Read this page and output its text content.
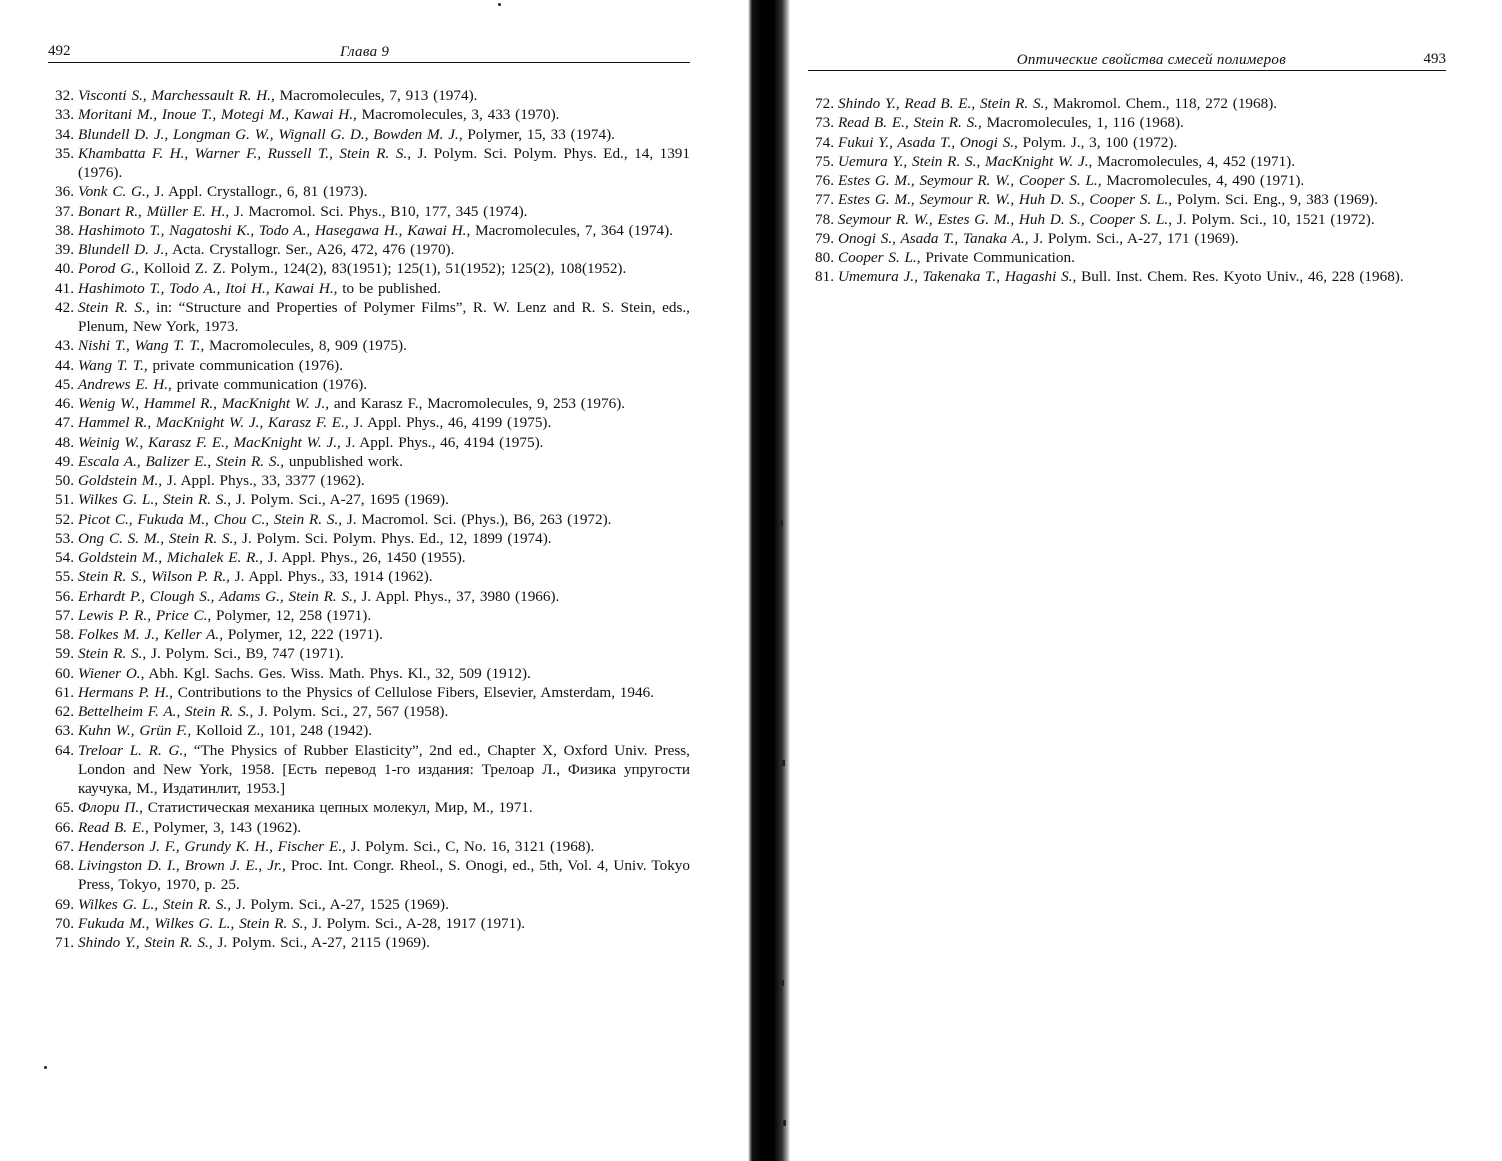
492	Глава 9
32. Visconti S., Marchessault R. H., Macromolecules, 7, 913 (1974).
33. Moritani M., Inoue T., Motegi M., Kawai H., Macromolecules, 3, 433 (1970).
34. Blundell D. J., Longman G. W., Wignall G. D., Bowden M. J., Polymer, 15, 33 (1974).
35. Khambatta F. H., Warner F., Russell T., Stein R. S., J. Polym. Sci. Polym. Phys. Ed., 14, 1391 (1976).
36. Vonk C. G., J. Appl. Crystallogr., 6, 81 (1973).
37. Bonart R., Müller E. H., J. Macromol. Sci. Phys., B10, 177, 345 (1974).
38. Hashimoto T., Nagatoshi K., Todo A., Hasegawa H., Kawai H., Macromolecules, 7, 364 (1974).
39. Blundell D. J., Acta. Crystallogr. Ser., A26, 472, 476 (1970).
40. Porod G., Kolloid Z. Z. Polym., 124(2), 83(1951); 125(1), 51(1952); 125(2), 108(1952).
41. Hashimoto T., Todo A., Itoi H., Kawai H., to be published.
42. Stein R. S., in: “Structure and Properties of Polymer Films”, R. W. Lenz and R. S. Stein, eds., Plenum, New York, 1973.
43. Nishi T., Wang T. T., Macromolecules, 8, 909 (1975).
44. Wang T. T., private communication (1976).
45. Andrews E. H., private communication (1976).
46. Wenig W., Hammel R., MacKnight W. J., and Karasz F., Macromolecules, 9, 253 (1976).
47. Hammel R., MacKnight W. J., Karasz F. E., J. Appl. Phys., 46, 4199 (1975).
48. Weinig W., Karasz F. E., MacKnight W. J., J. Appl. Phys., 46, 4194 (1975).
49. Escala A., Balizer E., Stein R. S., unpublished work.
50. Goldstein M., J. Appl. Phys., 33, 3377 (1962).
51. Wilkes G. L., Stein R. S., J. Polym. Sci., A-27, 1695 (1969).
52. Picot C., Fukuda M., Chou C., Stein R. S., J. Macromol. Sci. (Phys.), B6, 263 (1972).
53. Ong C. S. M., Stein R. S., J. Polym. Sci. Polym. Phys. Ed., 12, 1899 (1974).
54. Goldstein M., Michalek E. R., J. Appl. Phys., 26, 1450 (1955).
55. Stein R. S., Wilson P. R., J. Appl. Phys., 33, 1914 (1962).
56. Erhardt P., Clough S., Adams G., Stein R. S., J. Appl. Phys., 37, 3980 (1966).
57. Lewis P. R., Price C., Polymer, 12, 258 (1971).
58. Folkes M. J., Keller A., Polymer, 12, 222 (1971).
59. Stein R. S., J. Polym. Sci., B9, 747 (1971).
60. Wiener O., Abh. Kgl. Sachs. Ges. Wiss. Math. Phys. Kl., 32, 509 (1912).
61. Hermans P. H., Contributions to the Physics of Cellulose Fibers, Elsevier, Amsterdam, 1946.
62. Bettelheim F. A., Stein R. S., J. Polym. Sci., 27, 567 (1958).
63. Kuhn W., Grün F., Kolloid Z., 101, 248 (1942).
64. Treloar L. R. G., “The Physics of Rubber Elasticity”, 2nd ed., Chapter X, Oxford Univ. Press, London and New York, 1958. [Есть перевод 1-го издания: Трелоар Л., Физика упругости каучука, М., Издатинлит, 1953.]
65. Флори П., Статистическая механика цепных молекул, Мир, М., 1971.
66. Read B. E., Polymer, 3, 143 (1962).
67. Henderson J. F., Grundy K. H., Fischer E., J. Polym. Sci., C, No. 16, 3121 (1968).
68. Livingston D. I., Brown J. E., Jr., Proc. Int. Congr. Rheol., S. Onogi, ed., 5th, Vol. 4, Univ. Tokyo Press, Tokyo, 1970, p. 25.
69. Wilkes G. L., Stein R. S., J. Polym. Sci., A-27, 1525 (1969).
70. Fukuda M., Wilkes G. L., Stein R. S., J. Polym. Sci., A-28, 1917 (1971).
71. Shindo Y., Stein R. S., J. Polym. Sci., A-27, 2115 (1969).
Оптические свойства смесей полимеров	493
72. Shindo Y., Read B. E., Stein R. S., Makromol. Chem., 118, 272 (1968).
73. Read B. E., Stein R. S., Macromolecules, 1, 116 (1968).
74. Fukui Y., Asada T., Onogi S., Polym. J., 3, 100 (1972).
75. Uemura Y., Stein R. S., MacKnight W. J., Macromolecules, 4, 452 (1971).
76. Estes G. M., Seymour R. W., Cooper S. L., Macromolecules, 4, 490 (1971).
77. Estes G. M., Seymour R. W., Huh D. S., Cooper S. L., Polym. Sci. Eng., 9, 383 (1969).
78. Seymour R. W., Estes G. M., Huh D. S., Cooper S. L., J. Polym. Sci., 10, 1521 (1972).
79. Onogi S., Asada T., Tanaka A., J. Polym. Sci., A-27, 171 (1969).
80. Cooper S. L., Private Communication.
81. Umemura J., Takenaka T., Hagashi S., Bull. Inst. Chem. Res. Kyoto Univ., 46, 228 (1968).
